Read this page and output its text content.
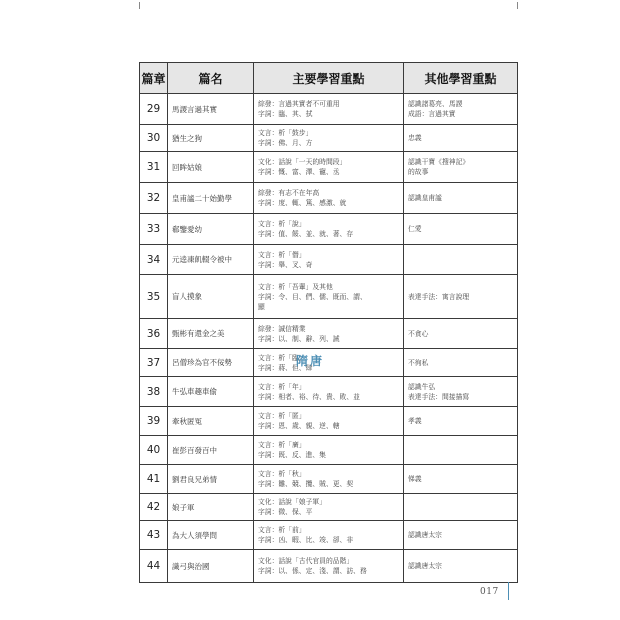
篇章	篇名	主要學習重點	其他學習重點
29	馬謖言過其實	綜發：言過其實者不可重用
字詞：臨、其、拭	認識諸葛亮、馬謖
成語：言過其實

30	猶生之狗	文言：析「鼓步」
字詞：佛、月、方	忠義

31	回眸姑娘	文化：話說「一天的時間段」
字詞：慨、富、澤、寵、丞	認識干寶《搜神記》
的故事

32	皇甫謐二十始勤學	綜發：有志不在年高
字詞：度、輒、篤、感激、就	認識皇甫謐

33	郗鑒愛幼	文言：析「說」
字詞：值、餒、並、就、著、存	仁愛

34	元逵凍飢輟令被中	文言：析「僭」
字詞：舉、叉、奇	

35	盲人摸象	文言：析「吾輩」及其他
字詞：令、目、們、儒、既而、謂、
顯	表達手法：寓言說理

36	甄彬有還金之美	綜發：誠信精業
字詞：以、制、辭、列、誡	不貪心

37	呂僧珍為官不佞勢	文言：析「臨」
字詞：蔣、但、肆	不徇私
隋唐
38	牛弘車趣車偷	文言：析「年」
字詞：相者、裕、待、貴、敗、並	認識牛弘
表達手法：間接描寫

39	牽秋匿冤	文言：析「匿」
字詞：恩、歲、親、逆、轄	孝義

40	崔彭百發百中	文言：析「廣」
字詞：既、反、進、集	

41	劉君良兄弟情	文言：析「秋」
字詞：雛、競、攬、賊、更、契	悌義

42	娘子軍	文化：話說「娘子軍」
字詞：微、保、平	

43	為大人須學問	文言：析「前」
字詞：凶、暇、比、竣、卻、非	認識唐太宗

44	識弓與治國	文化：話說「古代官員的品階」
字詞：以、係、定、淺、謂、訪、務	認識唐太宗
017
